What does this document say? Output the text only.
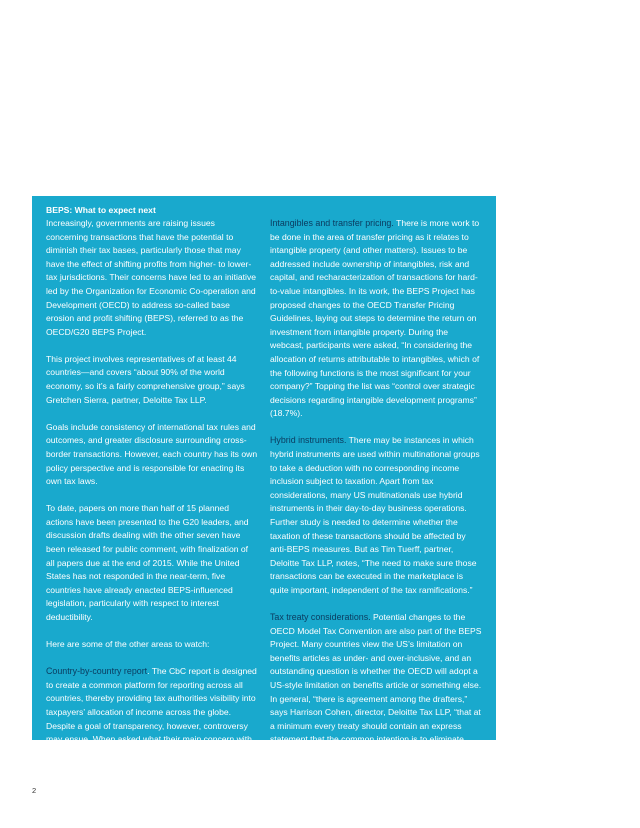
BEPS: What to expect next

Increasingly, governments are raising issues concerning transactions that have the potential to diminish their tax bases, particularly those that may have the effect of shifting profits from higher- to lower-tax jurisdictions. Their concerns have led to an initiative led by the Organization for Economic Co-operation and Development (OECD) to address so-called base erosion and profit shifting (BEPS), referred to as the OECD/G20 BEPS Project.

This project involves representatives of at least 44 countries—and covers “about 90% of the world economy, so it’s a fairly comprehensive group,” says Gretchen Sierra, partner, Deloitte Tax LLP.

Goals include consistency of international tax rules and outcomes, and greater disclosure surrounding cross-border transactions. However, each country has its own policy perspective and is responsible for enacting its own tax laws.

To date, papers on more than half of 15 planned actions have been presented to the G20 leaders, and discussion drafts dealing with the other seven have been released for public comment, with finalization of all papers due at the end of 2015. While the United States has not responded in the near-term, five countries have already enacted BEPS-influenced legislation, particularly with respect to interest deductibility.

Here are some of the other areas to watch:

Country-by-country report. The CbC report is designed to create a common platform for reporting across all countries, thereby providing tax authorities visibility into taxpayers’ allocation of income across the globe. Despite a goal of transparency, however, controversy may ensue. When asked what their main concern with respect to the CbC report was,” 28% of 1,476 participants on a recent Deloitte webcast indicated it was the cost of compliance, and 24% cited “increased controversy and double taxation.”

Intangibles and transfer pricing. There is more work to be done in the area of transfer pricing as it relates to intangible property (and other matters). Issues to be addressed include ownership of intangibles, risk and capital, and recharacterization of transactions for hard-to-value intangibles. In its work, the BEPS Project has proposed changes to the OECD Transfer Pricing Guidelines, laying out steps to determine the return on investment from intangible property. During the webcast, participants were asked, “In considering the allocation of returns attributable to intangibles, which of the following functions is the most significant for your company?” Topping the list was “control over strategic decisions regarding intangible development programs” (18.7%).

Hybrid instruments. There may be instances in which hybrid instruments are used within multinational groups to take a deduction with no corresponding income inclusion subject to taxation. Apart from tax considerations, many US multinationals use hybrid instruments in their day-to-day business operations. Further study is needed to determine whether the taxation of these transactions should be affected by anti-BEPS measures. But as Tim Tuerff, partner, Deloitte Tax LLP, notes, “The need to make sure those transactions can be executed in the marketplace is quite important, independent of the tax ramifications.”

Tax treaty considerations. Potential changes to the OECD Model Tax Convention are also part of the BEPS Project. Many countries view the US’s limitation on benefits articles as under- and over-inclusive, and an outstanding question is whether the OECD will adopt a US-style limitation on benefits article or something else. In general, “there is agreement among the drafters,” says Harrison Cohen, director, Deloitte Tax LLP, “that at a minimum every treaty should contain an express statement that the common intention is to eliminate double taxation without creating opportunities for non-taxation or reduced taxation through tax avoidance or evasion, including through treaty shopping.”

2
